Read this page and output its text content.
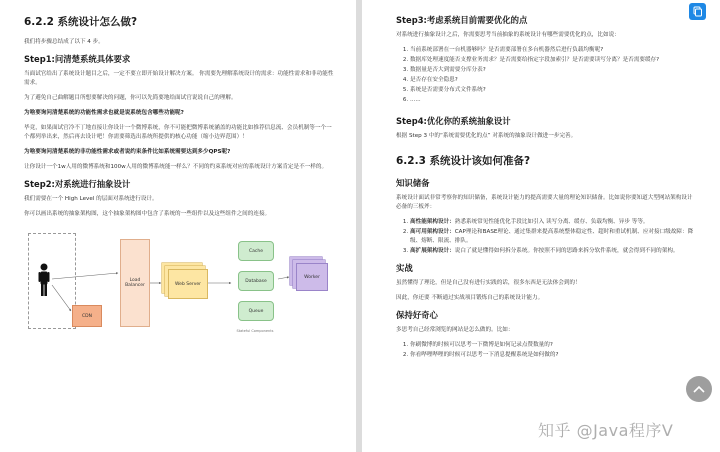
6.2.2 系统设计怎么做?

我们将步骤总结成了以下 4 步。

Step1:问清楚系统具体要求

当面试官给出了系统设计题目之后，一定不要立即开始设计解决方案。 你需要先理解系统设计的需求：功能性需求和非功能性需求。

为了避免自己曲解题目所想要解决的问题，你可以先简要地给面试官说说自己的理解。

为啥要询问清楚系统的功能性需求也就是说系统包含哪些功能呢?

毕竟，如果面试官冷不丁地直接让你设计一个微博系统，你不可能把微博系统涵盖的功能比如推荐信息流、会员机制等一个一个都列举出来，然后再去设计吧！你需要筛选出系统所提供的核心功能（缩小边界范围）！

为啥要询问清楚系统的非功能性需求或者说约束条件比如系统需要达到多少QPS呢?

让你设计一个1w人用的微博系统和100w人用的微博系统能一样么？不同的约束系统对应的系统设计方案肯定是不一样的。

Step2:对系统进行抽象设计

我们需要在一个 High Level 的层面对系统进行设计。

你可以画出系统的抽象架构图，这个抽象架构图中包含了系统的一些组件以及这些组件之间的连接。

CDN
Load Balancer	Web Server
Cache
Database
Queue
Stateful Components
Worker
Step3:考虑系统目前需要优化的点

对系统进行抽象设计之后，你需要思考当前抽象的系统设计有哪些需要优化的点，比如说：

1. 当前系统部署在一台机器够吗？是否需要部署在多台机器然后进行负载均衡呢?
2. 数据库处理速度能否支撑业务需求？是否需要给指定字段加索引？是否需要读写分离？是否需要缓存?
3. 数据量是否大到需要分库分表?
4. 是否存在安全隐患?
5. 系统是否需要分布式文件系统?
6. ......
Step4:优化你的系统抽象设计

根据 Step 3 中的“系统需要优化的点” 对系统的抽象设计做进一步完善。

6.2.3 系统设计该如何准备?
知识储备

系统设计面试非常考察你的知识储备，系统设计能力的提高需要大量的理论知识储备。比如说你要知道大型网站架构设计必备的三板斧：

1. 高性能架构设计：熟悉系统常见性能优化手段比如引入 读写分离、缓存、负载均衡、异步 等等。
2. 高可用架构设计：CAP理论和BASE理论、通过集群来提高系统整体稳定性、超时和重试机制、应对接口级故障：降级、熔断、限流、排队。
3. 高扩展架构设计：说白了就是懂得如何拆分系统。你按照不同的思路来拆分软件系统，就会得到不同的架构。
实战

虽然懂得了理论，但是自己没有进行实践的话，很多东西是无法体会到的！

因此，你还要 不断通过实战项目锻炼自己的系统设计能力。

保持好奇心

多思考自己经常浏览的网站是怎么做的。比如：

1. 你刷微博的时候可以思考一下微博是如何记录点赞数量的?
2. 你看哔哩哔哩的时候可以思考一下消息提醒系统是如何做的?
知乎 @Java程序V
